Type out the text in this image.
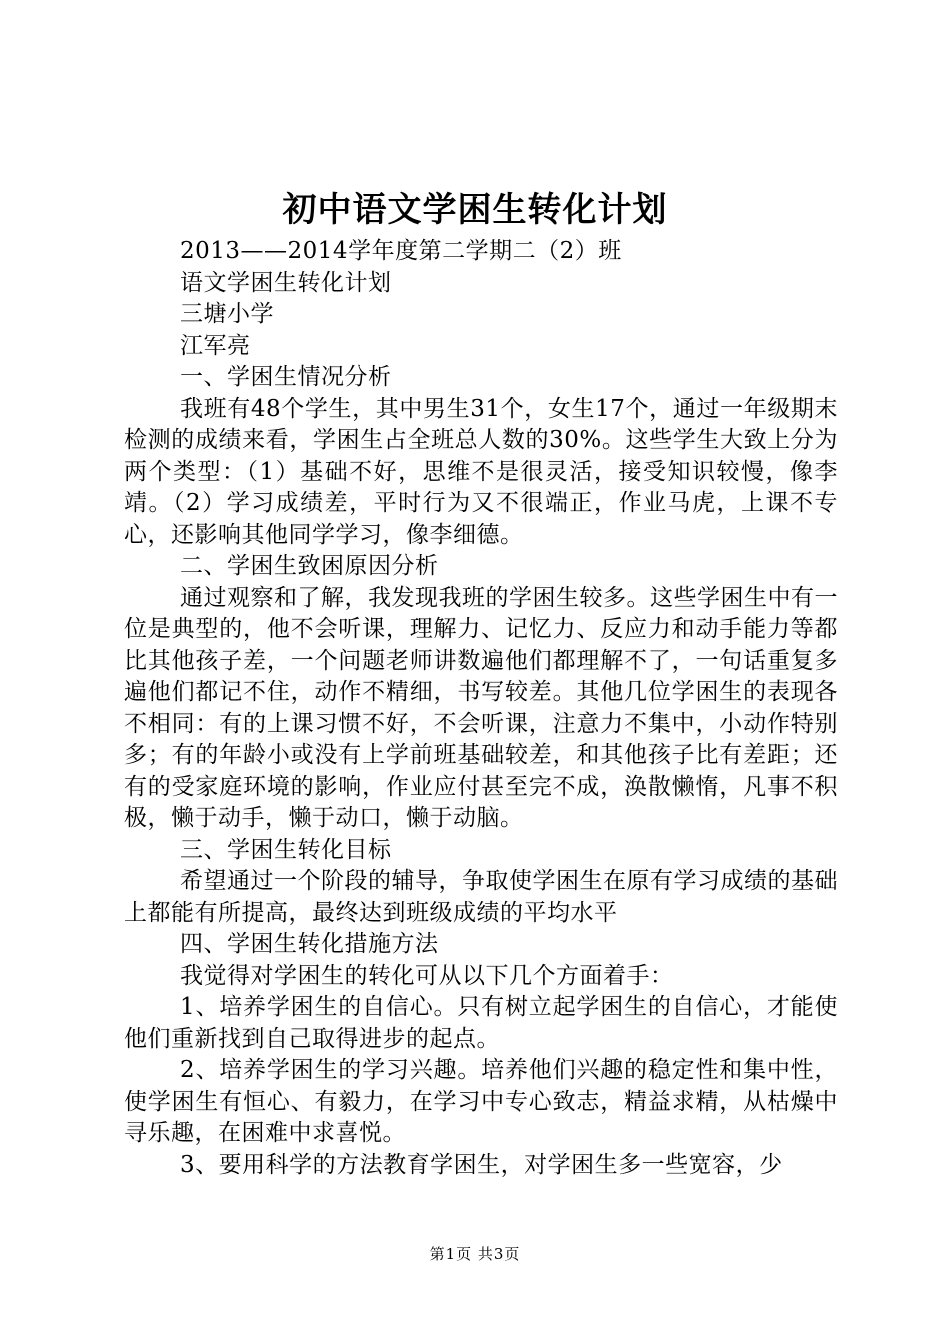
初中语文学困生转化计划

2013——2014学年度第二学期二（2）班

语文学困生转化计划

三塘小学

江军亮

一、学困生情况分析

我班有48个学生，其中男生31个，女生17个，通过一年级期末检测的成绩来看，学困生占全班总人数的30%。这些学生大致上分为两个类型：（1）基础不好，思维不是很灵活，接受知识较慢，像李靖。（2）学习成绩差，平时行为又不很端正，作业马虎，上课不专心，还影响其他同学学习，像李细德。

二、学困生致困原因分析

通过观察和了解，我发现我班的学困生较多。这些学困生中有一位是典型的，他不会听课，理解力、记忆力、反应力和动手能力等都比其他孩子差，一个问题老师讲数遍他们都理解不了，一句话重复多遍他们都记不住，动作不精细，书写较差。其他几位学困生的表现各不相同：有的上课习惯不好，不会听课，注意力不集中，小动作特别多；有的年龄小或没有上学前班基础较差，和其他孩子比有差距；还有的受家庭环境的影响，作业应付甚至完不成，涣散懒惰，凡事不积极，懒于动手，懒于动口，懒于动脑。

三、学困生转化目标

希望通过一个阶段的辅导，争取使学困生在原有学习成绩的基础上都能有所提高，最终达到班级成绩的平均水平

四、学困生转化措施方法

我觉得对学困生的转化可从以下几个方面着手：

1、培养学困生的自信心。只有树立起学困生的自信心，才能使他们重新找到自己取得进步的起点。

2、培养学困生的学习兴趣。培养他们兴趣的稳定性和集中性，使学困生有恒心、有毅力，在学习中专心致志，精益求精，从枯燥中寻乐趣，在困难中求喜悦。

3、要用科学的方法教育学困生，对学困生多一些宽容，少

第1页 共3页
